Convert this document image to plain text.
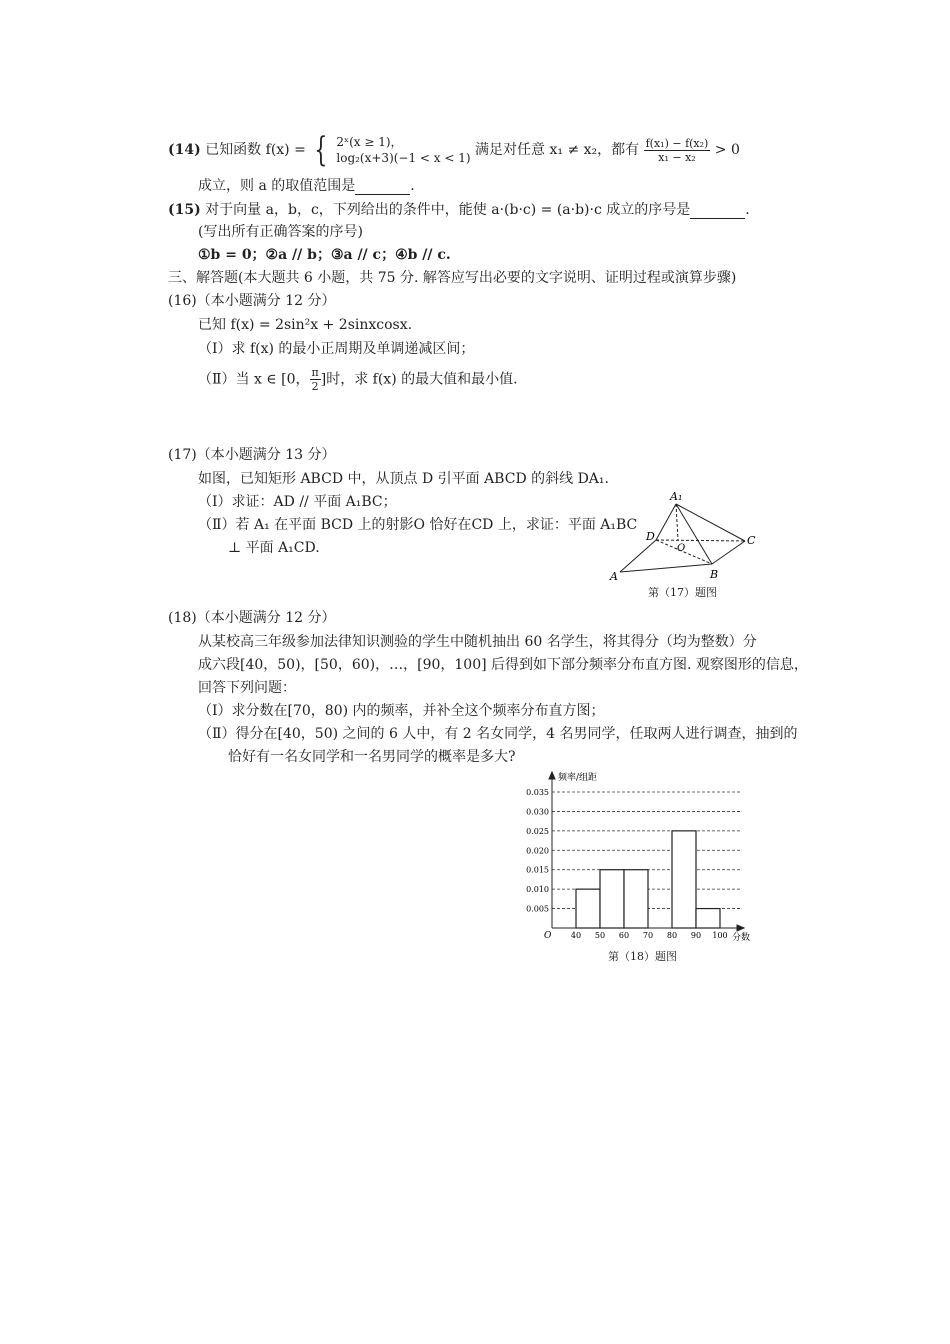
(14) 已知函数 f(x) = { 2ˣ(x ≥ 1)，
log₂(x+3)(−1 < x < 1) 满足对任意 x₁ ≠ x₂，都有 $\frac{\text{f(x₁) − f(x₂)}}{\text{x₁ − x₂}} > 0$
成立，则 a 的取值范围是	.
(15) 对于向量 a，b，c，下列给出的条件中，能使 a·(b·c) = (a·b)·c 成立的序号是	.
(写出所有正确答案的序号)
①b = 0；②a // b；③a // c；④b // c.
三、解答题(本大题共 6 小题，共 75 分. 解答应写出必要的文字说明、证明过程或演算步骤)
(16)（本小题满分 12 分）
已知 f(x) = 2sin²x + 2sinxcosx.
（Ⅰ）求 f(x) 的最小正周期及单调递减区间；
（Ⅱ）当 x ∈ [0， $\frac{\pi}{2}$ ]时，求 f(x) 的最大值和最小值.
(17)（本小题满分 13 分）
如图，已知矩形 ABCD 中，从顶点 D 引平面 ABCD 的斜线 DA₁.
（Ⅰ）求证：AD // 平面 A₁BC；
（Ⅱ）若 A₁ 在平面 BCD 上的射影O 恰好在CD 上，求证：平面 A₁BC
⊥ 平面 A₁CD.
A₁
A	B
C
D
O
第（17）题图
(18)（本小题满分 12 分）
从某校高三年级参加法律知识测验的学生中随机抽出 60 名学生，将其得分（均为整数）分
成六段[40，50)，[50，60)，…，[90，100] 后得到如下部分频率分布直方图. 观察图形的信息，
回答下列问题：
（Ⅰ）求分数在[70，80) 内的频率，并补全这个频率分布直方图；
（Ⅱ）得分在[40，50) 之间的 6 人中，有 2 名女同学，4 名男同学，任取两人进行调查，抽到的
恰好有一名女同学和一名男同学的概率是多大?
0.005
0.010
0.015
0.020
0.025
0.030
0.035
40 50 60 70 80 90 100
频率/组距
分数
O
第（18）题图
